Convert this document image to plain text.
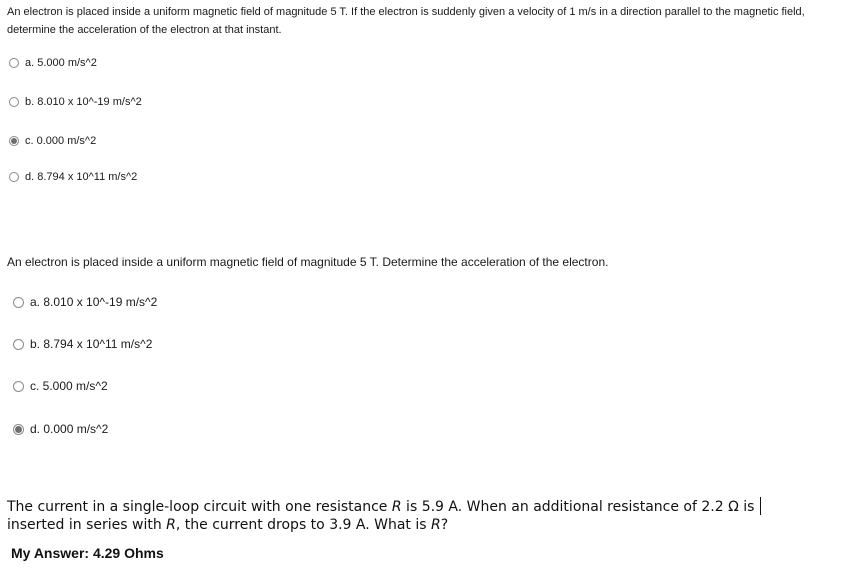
An electron is placed inside a uniform magnetic field of magnitude 5 T. If the electron is suddenly given a velocity of 1 m/s in a direction parallel to the magnetic field, determine the acceleration of the electron at that instant.
a. 5.000 m/s^2
b. 8.010 x 10^-19 m/s^2
c. 0.000 m/s^2
d. 8.794 x 10^11 m/s^2
An electron is placed inside a uniform magnetic field of magnitude 5 T. Determine the acceleration of the electron.
a. 8.010 x 10^-19 m/s^2
b. 8.794 x 10^11 m/s^2
c. 5.000 m/s^2
d. 0.000 m/s^2
The current in a single-loop circuit with one resistance R is 5.9 A. When an additional resistance of 2.2 Ω is inserted in series with R, the current drops to 3.9 A. What is R?
My Answer: 4.29 Ohms
